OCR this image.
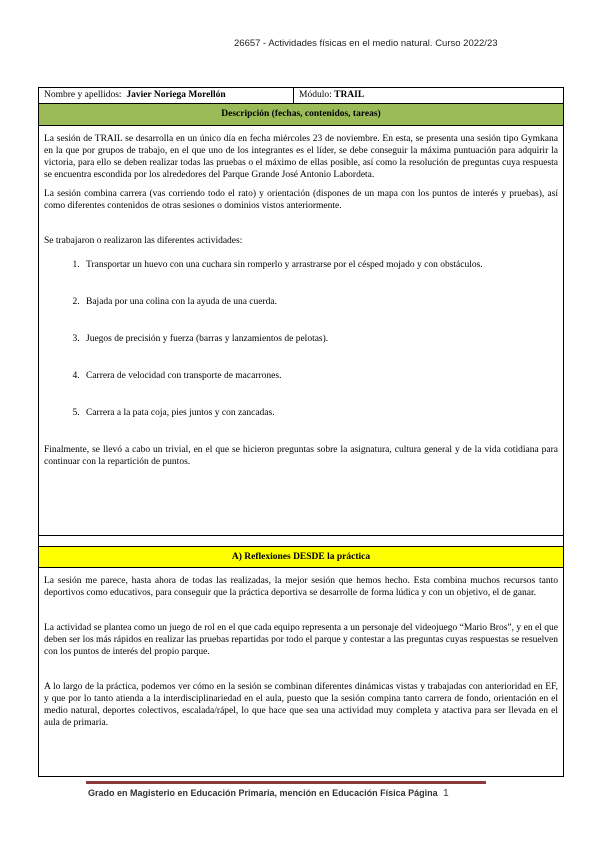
26657 - Actividades físicas en el medio natural. Curso 2022/23
Nombre y apellidos: Javier Noriega Morellón	Módulo: TRAIL
Descripción (fechas, contenidos, tareas)

La sesión de TRAIL se desarrolla en un único día en fecha miércoles 23 de noviembre. En esta, se presenta una sesión tipo Gymkana en la que por grupos de trabajo, en el que uno de los integrantes es el líder, se debe conseguir la máxima puntuación para adquirir la victoria, para ello se deben realizar todas las pruebas o el máximo de ellas posible, así como la resolución de preguntas cuya respuesta se encuentra escondida por los alrededores del Parque Grande José Antonio Labordeta.

La sesión combina carrera (vas corriendo todo el rato) y orientación (dispones de un mapa con los puntos de interés y pruebas), así como diferentes contenidos de otras sesiones o dominios vistos anteriormente.

Se trabajaron o realizaron las diferentes actividades:

1. Transportar un huevo con una cuchara sin romperlo y arrastrarse por el césped mojado y con obstáculos.
2. Bajada por una colina con la ayuda de una cuerda.
3. Juegos de precisión y fuerza (barras y lanzamientos de pelotas).
4. Carrera de velocidad con transporte de macarrones.
5. Carrera a la pata coja, pies juntos y con zancadas.

Finalmente, se llevó a cabo un trivial, en el que se hicieron preguntas sobre la asignatura, cultura general y de la vida cotidiana para continuar con la repartición de puntos.

A) Reflexiones DESDE la práctica

La sesión me parece, hasta ahora de todas las realizadas, la mejor sesión que hemos hecho. Esta combina muchos recursos tanto deportivos como educativos, para conseguir que la práctica deportiva se desarrolle de forma lúdica y con un objetivo, el de ganar.

La actividad se plantea como un juego de rol en el que cada equipo representa a un personaje del videojuego “Mario Bros”, y en el que deben ser los más rápidos en realizar las pruebas repartidas por todo el parque y contestar a las preguntas cuyas respuestas se resuelven con los puntos de interés del propio parque.

A lo largo de la práctica, podemos ver cómo en la sesión se combinan diferentes dinámicas vistas y trabajadas con anterioridad en EF, y que por lo tanto atienda a la interdisciplinariedad en el aula, puesto que la sesión compina tanto carrera de fondo, orientación en el medio natural, deportes colectivos, escalada/rápel, lo que hace que sea una actividad muy completa y atactiva para ser llevada en el aula de primaria.

Grado en Magisterio en Educación Primaria, mención en Educación Física Página 1
